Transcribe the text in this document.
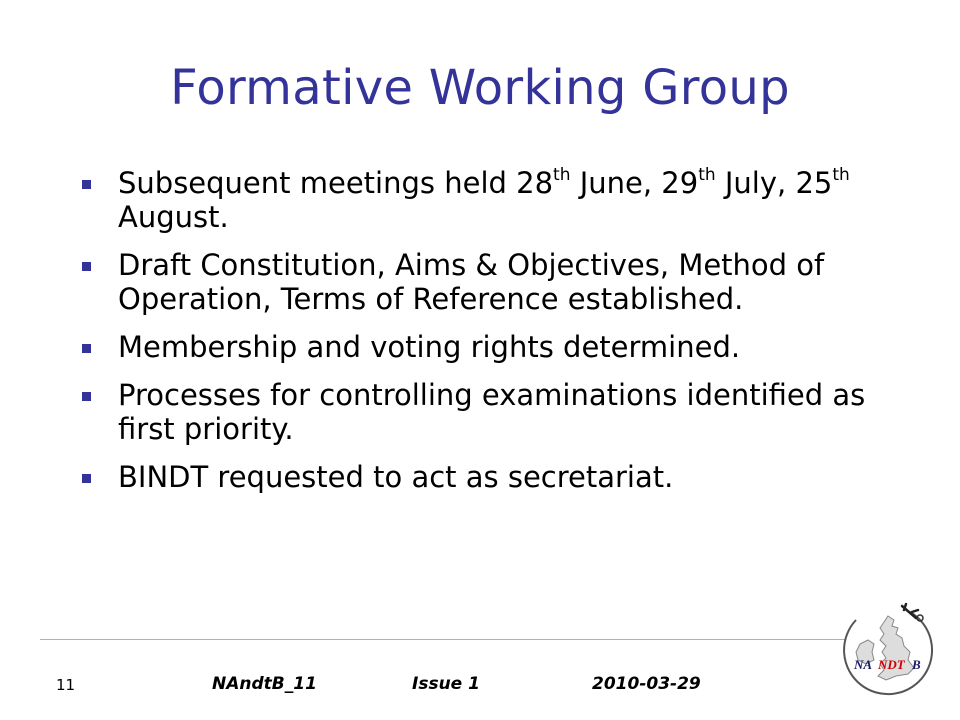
Formative Working Group
Subsequent meetings held 28th June, 29th July, 25th August.
Draft Constitution, Aims & Objectives, Method of Operation, Terms of Reference established.
Membership and voting rights determined.
Processes for controlling examinations identified as first priority.
BINDT requested to act as secretariat.
11	NAndtB_11	Issue 1	2010-03-29
NA NDT B
